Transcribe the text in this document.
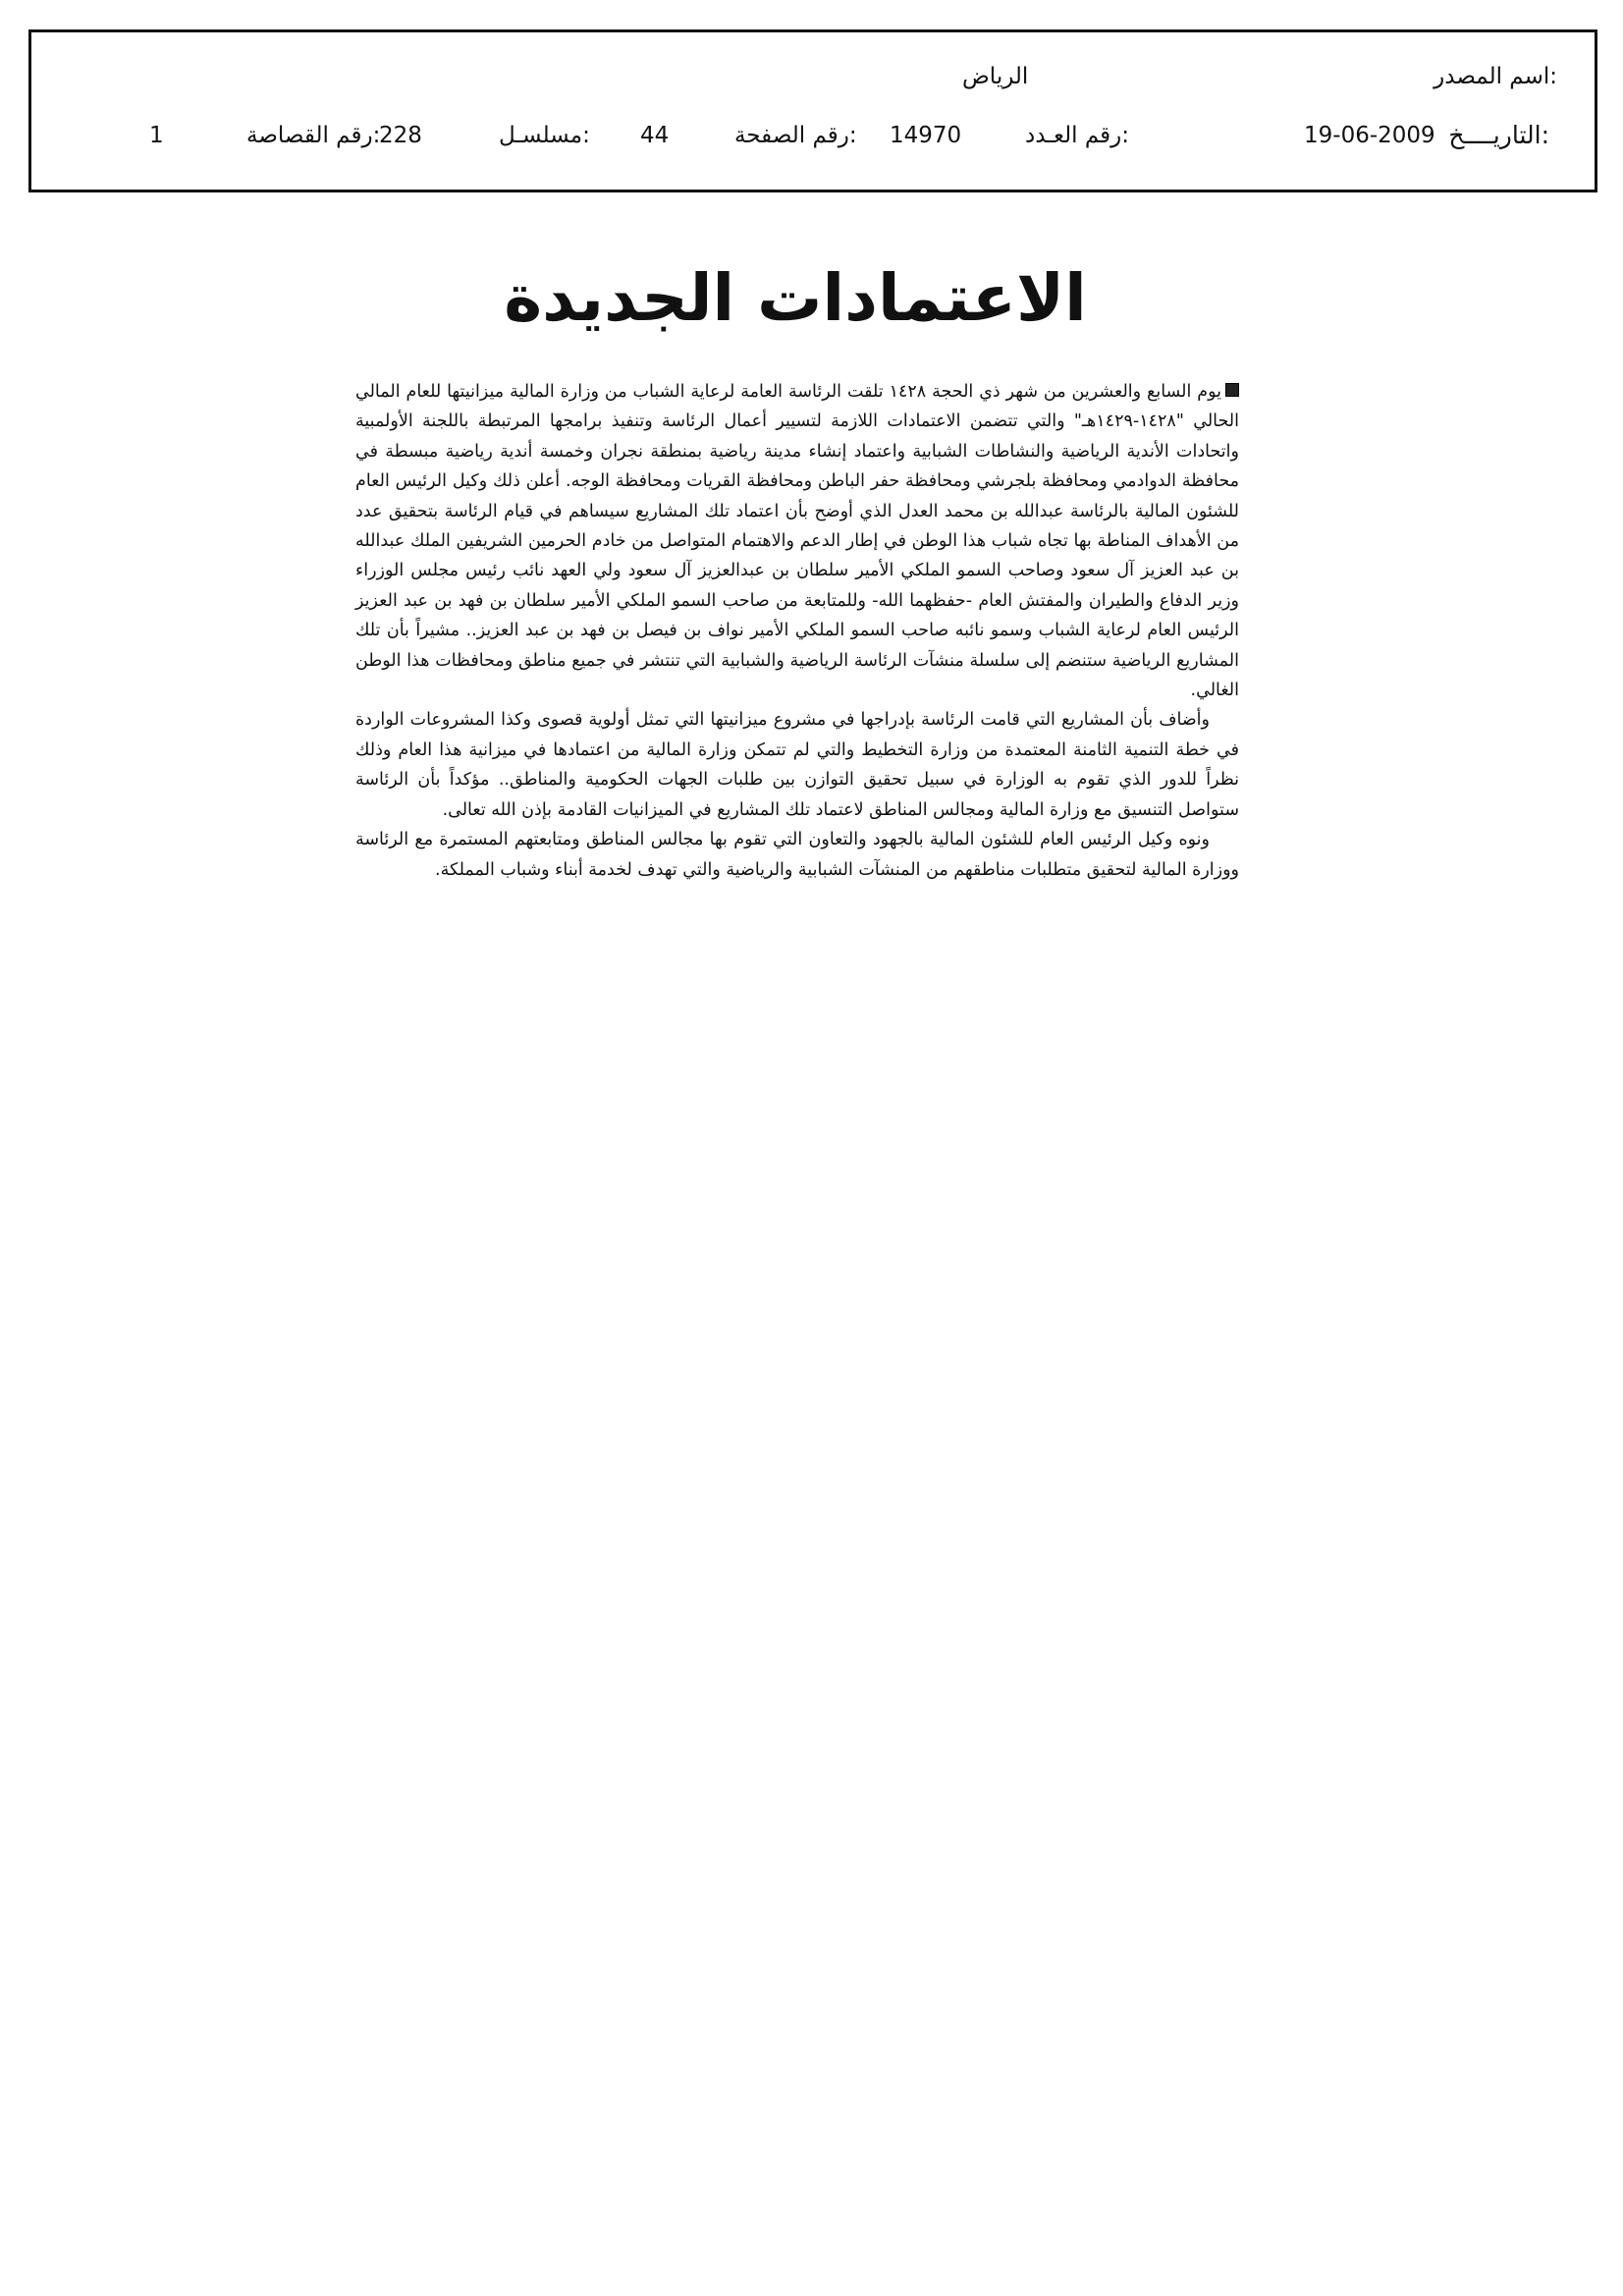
اسم المصدر:
الرياض
التاريــــخ:
19-06-2009
رقم العـدد:
14970
رقم الصفحة:
44
مسلسـل:
228
رقم القصاصة:
1
الاعتمادات الجديدة

يوم السابع والعشرين من شهر ذي الحجة ١٤٢٨ تلقت الرئاسة العامة لرعاية الشباب من وزارة المالية ميزانيتها للعام المالي الحالي "١٤٢٨-١٤٢٩هـ" والتي تتضمن الاعتمادات اللازمة لتسيير أعمال الرئاسة وتنفيذ برامجها المرتبطة باللجنة الأولمبية واتحادات الأندية الرياضية والنشاطات الشبابية واعتماد إنشاء مدينة رياضية بمنطقة نجران وخمسة أندية رياضية مبسطة في محافظة الدوادمي ومحافظة بلجرشي ومحافظة حفر الباطن ومحافظة القريات ومحافظة الوجه. أعلن ذلك وكيل الرئيس العام للشئون المالية بالرئاسة عبدالله بن محمد العدل الذي أوضح بأن اعتماد تلك المشاريع سيساهم في قيام الرئاسة بتحقيق عدد من الأهداف المناطة بها تجاه شباب هذا الوطن في إطار الدعم والاهتمام المتواصل من خادم الحرمين الشريفين الملك عبدالله بن عبد العزيز آل سعود وصاحب السمو الملكي الأمير سلطان بن عبدالعزيز آل سعود ولي العهد نائب رئيس مجلس الوزراء وزير الدفاع والطيران والمفتش العام -حفظهما الله- وللمتابعة من صاحب السمو الملكي الأمير سلطان بن فهد بن عبد العزيز الرئيس العام لرعاية الشباب وسمو نائبه صاحب السمو الملكي الأمير نواف بن فيصل بن فهد بن عبد العزيز.. مشيراً بأن تلك المشاريع الرياضية ستنضم إلى سلسلة منشآت الرئاسة الرياضية والشبابية التي تنتشر في جميع مناطق ومحافظات هذا الوطن الغالي.

وأضاف بأن المشاريع التي قامت الرئاسة بإدراجها في مشروع ميزانيتها التي تمثل أولوية قصوى وكذا المشروعات الواردة في خطة التنمية الثامنة المعتمدة من وزارة التخطيط والتي لم تتمكن وزارة المالية من اعتمادها في ميزانية هذا العام وذلك نظراً للدور الذي تقوم به الوزارة في سبيل تحقيق التوازن بين طلبات الجهات الحكومية والمناطق.. مؤكداً بأن الرئاسة ستواصل التنسيق مع وزارة المالية ومجالس المناطق لاعتماد تلك المشاريع في الميزانيات القادمة بإذن الله تعالى.

ونوه وكيل الرئيس العام للشئون المالية بالجهود والتعاون التي تقوم بها مجالس المناطق ومتابعتهم المستمرة مع الرئاسة ووزارة المالية لتحقيق متطلبات مناطقهم من المنشآت الشبابية والرياضية والتي تهدف لخدمة أبناء وشباب المملكة.
